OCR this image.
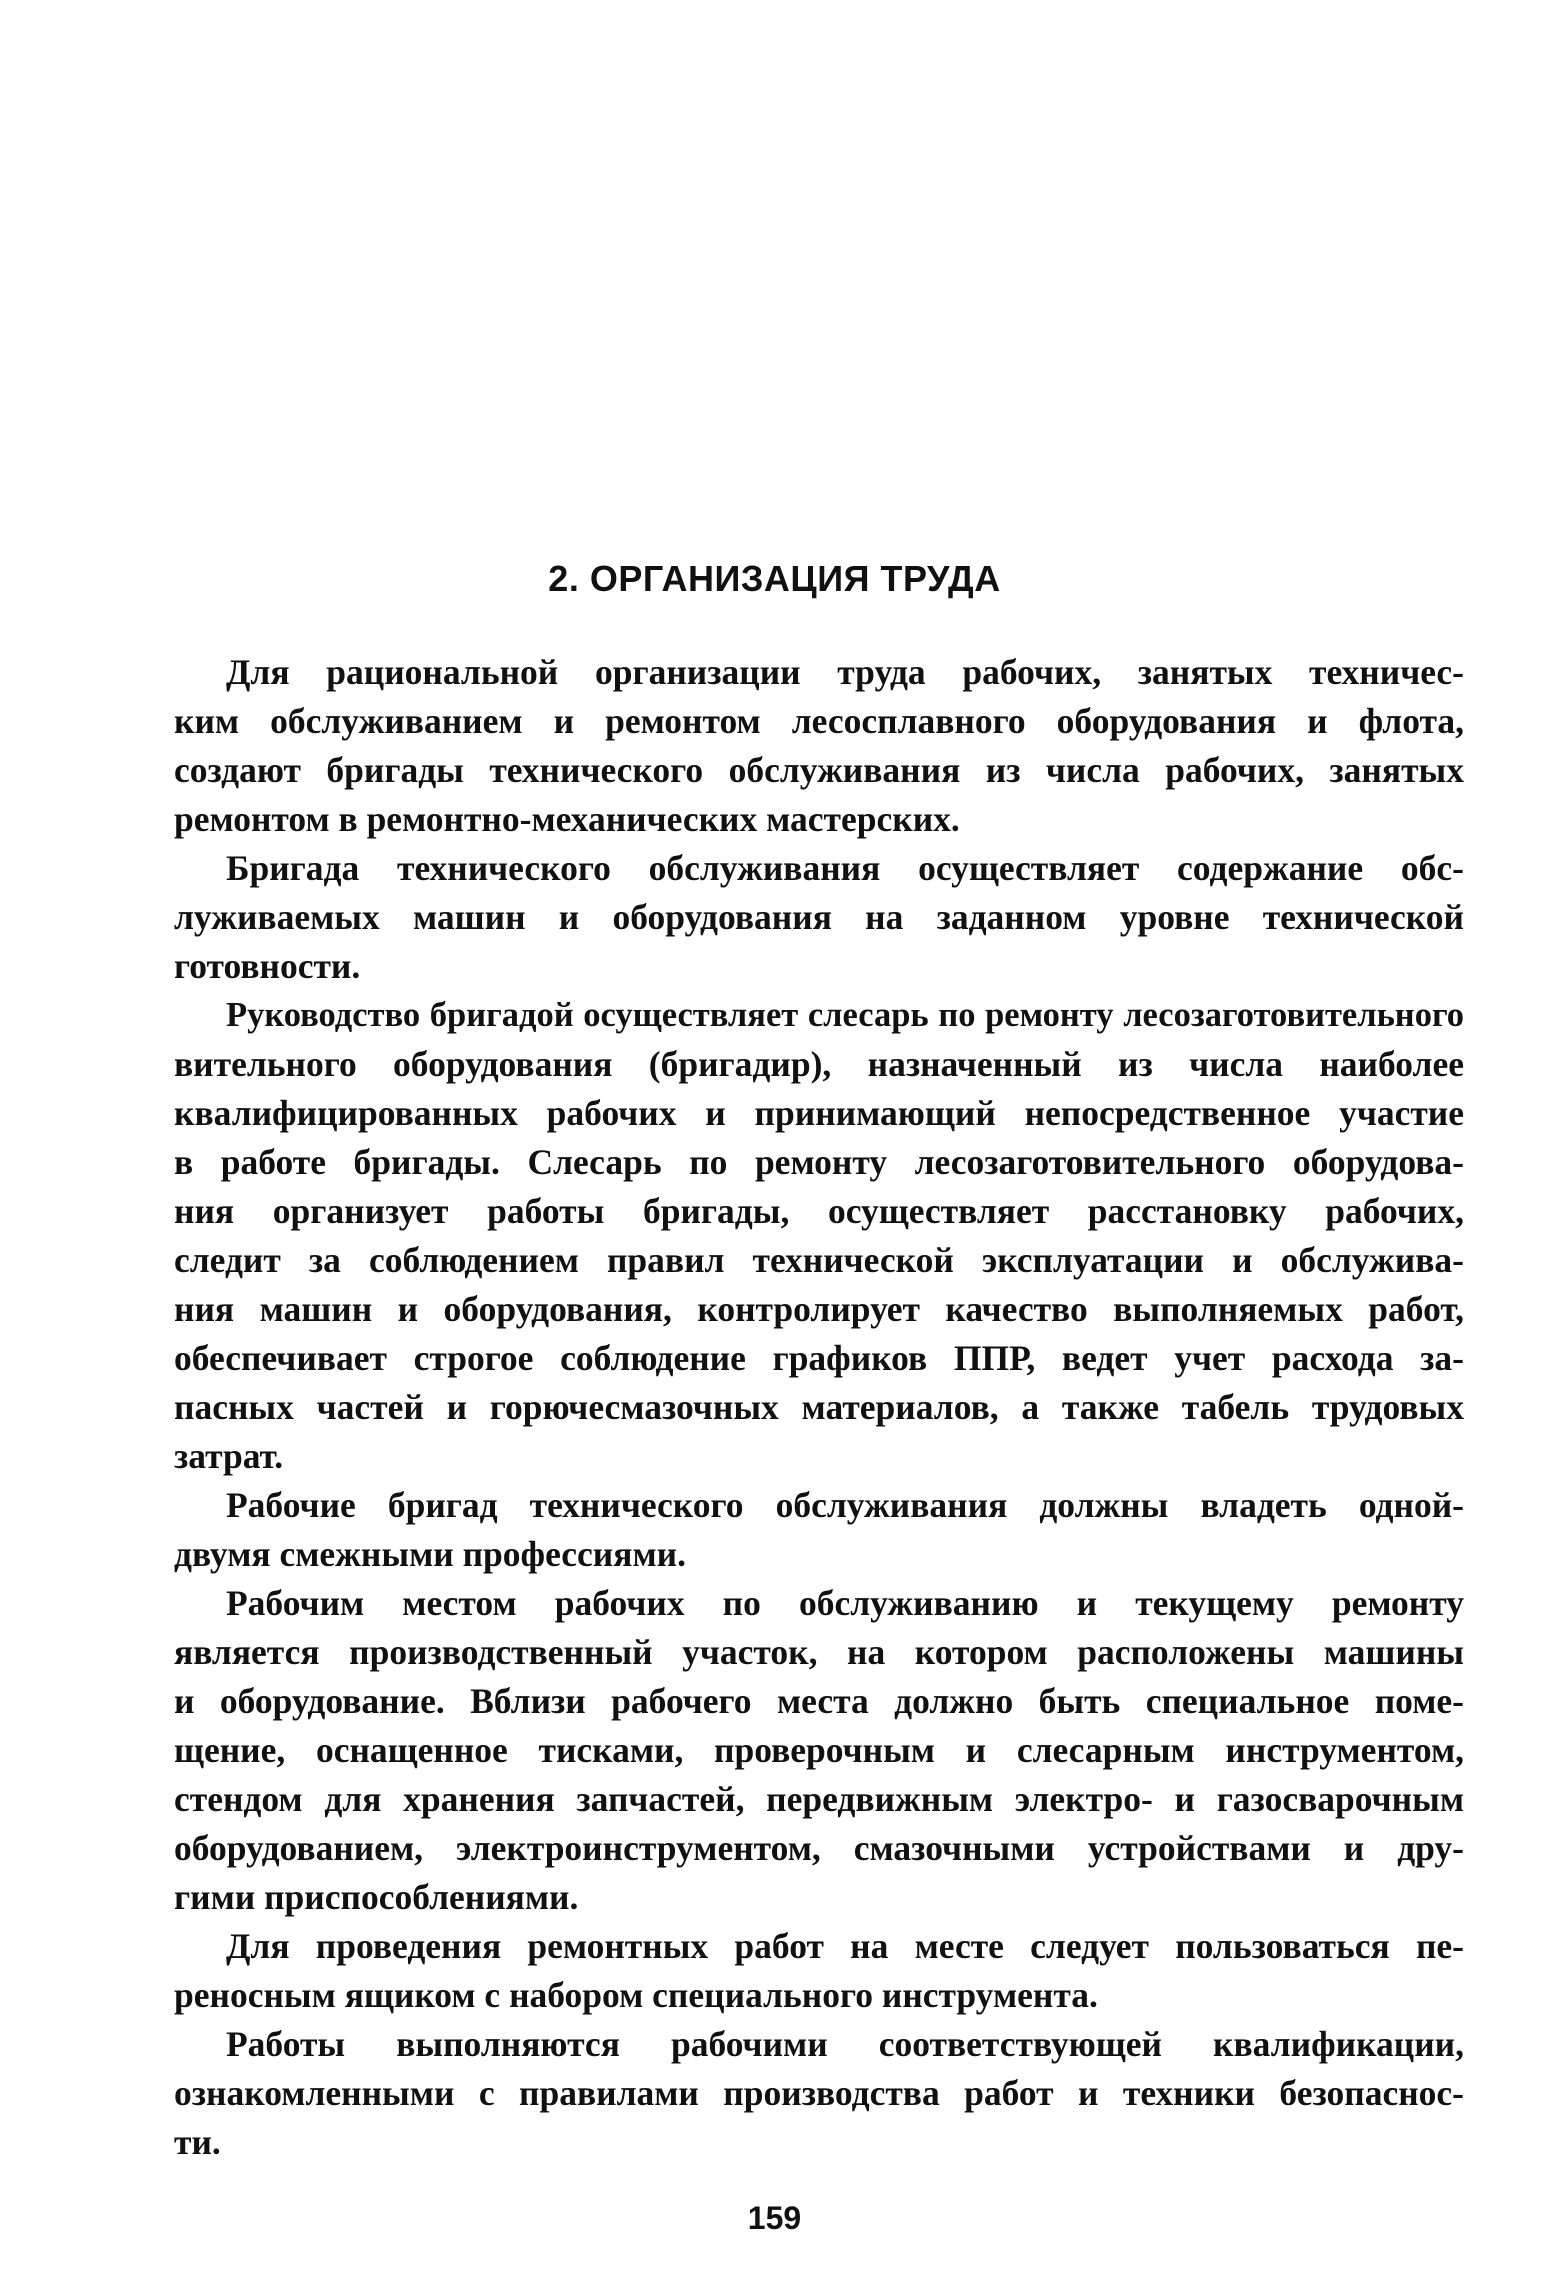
2. ОРГАНИЗАЦИЯ ТРУДА

Для рациональной организации труда рабочих, занятых техничес-
ким обслуживанием и ремонтом лесосплавного оборудования и флота,
создают бригады технического обслуживания из числа рабочих, занятых
ремонтом в ремонтно-механических мастерских.

Бригада технического обслуживания осуществляет содержание обс-
луживаемых машин и оборудования на заданном уровне технической
готовности.

Руководство бригадой осуществляет слесарь по ремонту лесозаготовительного
вительного оборудования (бригадир), назначенный из числа наиболее
квалифицированных рабочих и принимающий непосредственное участие
в работе бригады. Слесарь по ремонту лесозаготовительного оборудова-
ния организует работы бригады, осуществляет расстановку рабочих,
следит за соблюдением правил технической эксплуатации и обслужива-
ния машин и оборудования, контролирует качество выполняемых работ,
обеспечивает строгое соблюдение графиков ППР, ведет учет расхода за-
пасных частей и горючесмазочных материалов, а также табель трудовых
затрат.

Рабочие бригад технического обслуживания должны владеть одной-
двумя смежными профессиями.

Рабочим местом рабочих по обслуживанию и текущему ремонту
является производственный участок, на котором расположены машины
и оборудование. Вблизи рабочего места должно быть специальное поме-
щение, оснащенное тисками, проверочным и слесарным инструментом,
стендом для хранения запчастей, передвижным электро- и газосварочным
оборудованием, электроинструментом, смазочными устройствами и дру-
гими приспособлениями.

Для проведения ремонтных работ на месте следует пользоваться пе-
реносным ящиком с набором специального инструмента.

Работы выполняются рабочими соответствующей квалификации,
ознакомленными с правилами производства работ и техники безопаснос-
ти.

159
